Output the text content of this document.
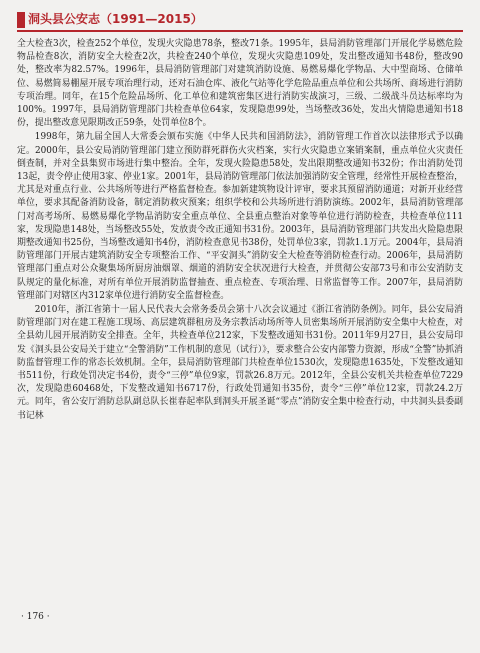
洞头县公安志（1991—2015）

全大检查3次，检查252个单位，发现火灾隐患78条，整改71条。1995年，县局消防管理部门开展化学易燃危险物品检查8次，消防安全大检查2次，共检查240个单位，发现火灾隐患109处，发出整改通知书48份，整改90处，整改率为82.57%。1996年，县局消防管理部门对建筑消防设施、易燃易爆化学物品、大中型商场、仓储单位、易燃简易棚屋开展专项治理行动，还对石油仓库、液化气站等化学危险品重点单位和公共场所、商场进行消防专项治理。同年，在15个危险品场所、化工单位和建筑密集区进行消防实战演习，三级、二级战斗员达标率均为100%。1997年，县局消防管理部门共检查单位64家，发现隐患99处，当场整改36处，发出火情隐患通知书18份，提出整改意见限期改正59条，处罚单位8个。

1998年，第九届全国人大常委会颁布实施《中华人民共和国消防法》，消防管理工作首次以法律形式予以确定。2000年，县公安局消防管理部门建立预防群死群伤火灾档案，实行火灾隐患立案销案制，重点单位火灾责任倒查制，并对全县集贸市场进行集中整治。全年，发现火险隐患58处，发出限期整改通知书32份；作出消防处罚13起，责令停止使用3家、停业1家。2001年，县局消防管理部门依法加强消防安全管理，经常性开展检查整治，尤其是对重点行业、公共场所等进行严格监督检查。参加新建筑物设计评审，要求其预留消防通道；对新开业经营单位，要求其配备消防设备，制定消防救灾预案；组织学校和公共场所进行消防演练。2002年，县局消防管理部门对高考场所、易燃易爆化学物品消防安全重点单位、全县重点整治对象等单位进行消防检查，共检查单位111家，发现隐患148处，当场整改55处，发放责令改正通知书31份。2003年，县局消防管理部门共发出火险隐患限期整改通知书25份，当场整改通知书4份，消防检查意见书38份，处罚单位3家，罚款1.1万元。2004年，县局消防管理部门开展古建筑消防安全专项整治工作、“平安洞头”消防安全大检查等消防检查行动。2006年，县局消防管理部门重点对公众聚集场所厨房油烟罩、烟道的消防安全状况进行大检查，并贯彻公安部73号和市公安消防支队规定的量化标准，对所有单位开展消防监督抽查、重点检查、专项治理、日常监督等工作。2007年，县局消防管理部门对辖区内312家单位进行消防安全监督检查。

2010年，浙江省第十一届人民代表大会常务委员会第十八次会议通过《浙江省消防条例》。同年，县公安局消防管理部门对在建工程施工现场、高层建筑群租房及务宗教活动场所等人员密集场所开展消防安全集中大检查，对全县幼儿园开展消防安全排查。全年，共检查单位212家，下发整改通知书31份。2011年9月27日，县公安局印发《洞头县公安局关于建立“全警消防”工作机制的意见（试行）》，要求整合公安内部警力资源，形成“全警”协抓消防监督管理工作的常态长效机制。全年，县局消防管理部门共检查单位1530次，发现隐患1635处，下发整改通知书511份，行政处罚决定书4份，责令“三停”单位9家，罚款26.8万元。2012年，全县公安机关共检查单位7229次，发现隐患60468处，下发整改通知书6717份，行政处罚通知书35份，责令“三停”单位12家，罚款24.2万元。同年，省公安厅消防总队副总队长崔春起率队到洞头开展圣诞“零点”消防安全集中检查行动，中共洞头县委副书记林

· 176 ·
